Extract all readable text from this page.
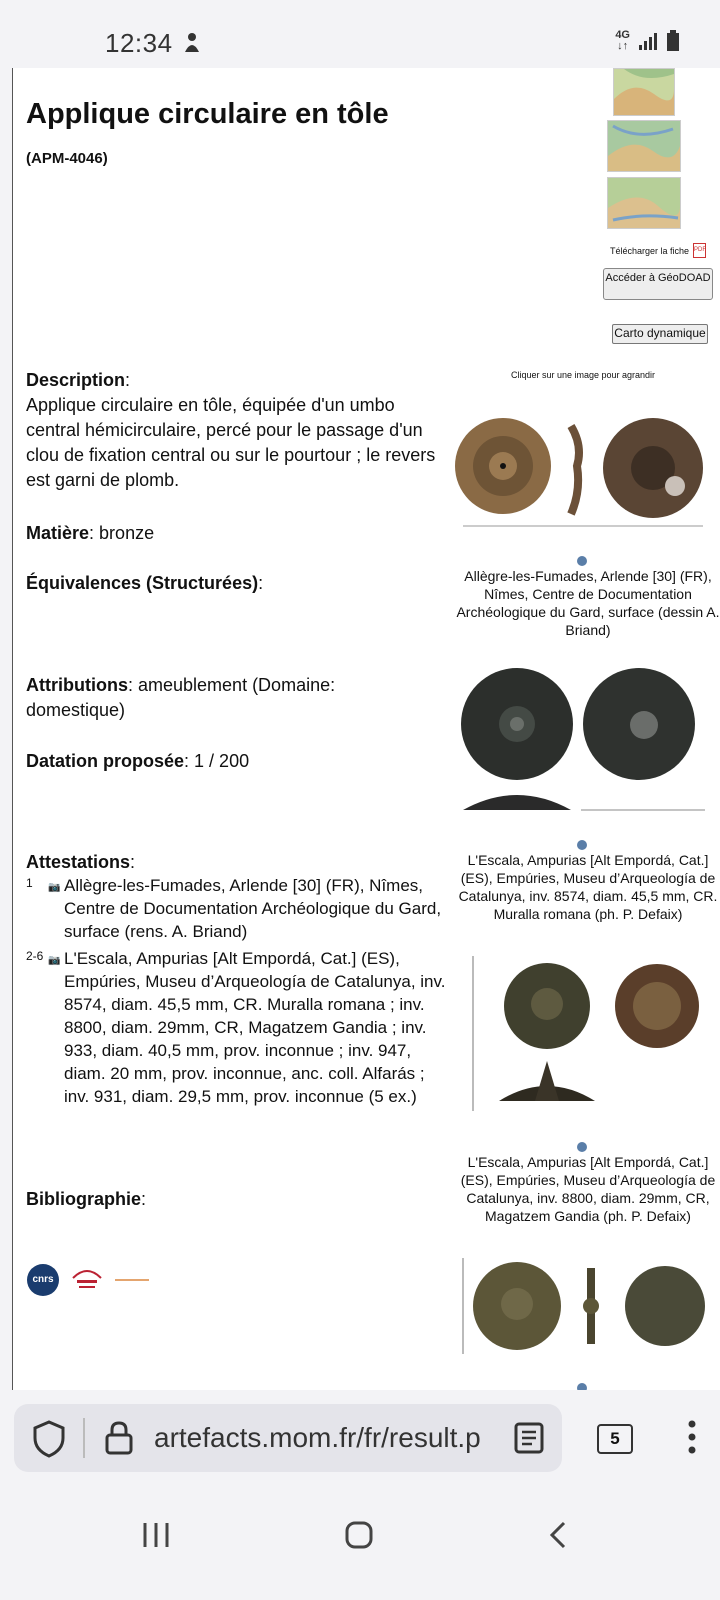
12:34	4G
↓↑
Applique circulaire en tôle
(APM-4046)
Télécharger la fiche PDF
Accéder à GéoDOAD
Carto dynamique
Cliquer sur une image pour agrandir
Description:
Applique circulaire en tôle, équipée d'un umbo central hémicirculaire, percé pour le passage d'un clou de fixation central ou sur le pourtour ; le revers est garni de plomb.
Matière: bronze
Équivalences (Structurées):
Attributions: ameublement (Domaine: domestique)
Datation proposée: 1 / 200
Attestations:
1	📷 Allègre-les-Fumades, Arlende [30] (FR), Nîmes, Centre de Documentation Archéologique du Gard, surface (rens. A. Briand)
2-6 📷 L'Escala, Ampurias [Alt Empordá, Cat.] (ES), Empúries, Museu d’Arqueología de Catalunya, inv. 8574, diam. 45,5 mm, CR. Muralla romana ; inv. 8800, diam. 29mm, CR, Magatzem Gandia ; inv. 933, diam. 40,5 mm, prov. inconnue ; inv. 947, diam. 20 mm, prov. inconnue, anc. coll. Alfarás ; inv. 931, diam. 29,5 mm, prov. inconnue (5 ex.)
Bibliographie:
cnrs
Allègre-les-Fumades, Arlende [30] (FR), Nîmes, Centre de Documentation Archéologique du Gard, surface (dessin A. Briand)
L'Escala, Ampurias [Alt Empordá, Cat.] (ES), Empúries, Museu d’Arqueología de Catalunya, inv. 8574, diam. 45,5 mm, CR. Muralla romana (ph. P. Defaix)
L'Escala, Ampurias [Alt Empordá, Cat.] (ES), Empúries, Museu d’Arqueología de Catalunya, inv. 8800, diam. 29mm, CR, Magatzem Gandia (ph. P. Defaix)
artefacts.mom.fr/fr/result.p	5
